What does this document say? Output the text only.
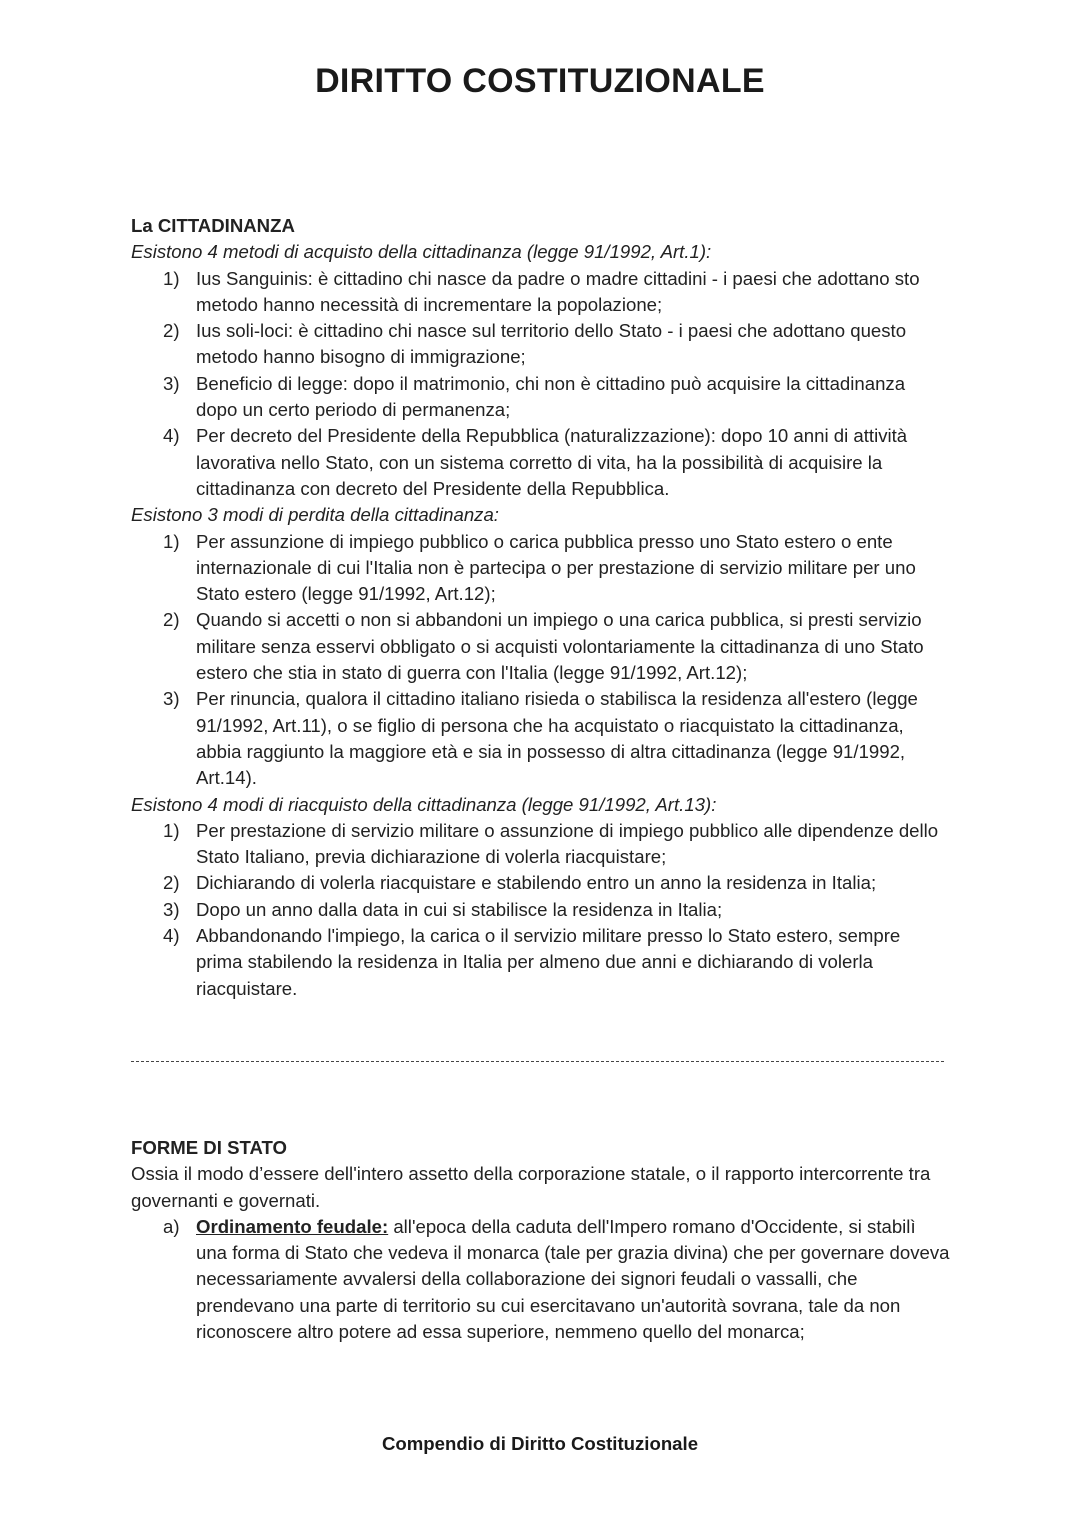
DIRITTO COSTITUZIONALE
La CITTADINANZA
Esistono 4 metodi di acquisto della cittadinanza (legge 91/1992, Art.1):
1) Ius Sanguinis: è cittadino chi nasce da padre o madre cittadini - i paesi che adottano sto metodo hanno necessità di incrementare la popolazione;
2) Ius soli-loci: è cittadino chi nasce sul territorio dello Stato - i paesi che adottano questo metodo hanno bisogno di immigrazione;
3) Beneficio di legge: dopo il matrimonio, chi non è cittadino può acquisire la cittadinanza dopo un certo periodo di permanenza;
4) Per decreto del Presidente della Repubblica (naturalizzazione): dopo 10 anni di attività lavorativa nello Stato, con un sistema corretto di vita, ha la possibilità di acquisire la cittadinanza con decreto del Presidente della Repubblica.
Esistono 3 modi di perdita della cittadinanza:
1) Per assunzione di impiego pubblico o carica pubblica presso uno Stato estero o ente internazionale di cui l'Italia non è partecipa o per prestazione di servizio militare per uno Stato estero (legge 91/1992, Art.12);
2) Quando si accetti o non si abbandoni un impiego o una carica pubblica, si presti servizio militare senza esservi obbligato o si acquisti volontariamente la cittadinanza di uno Stato estero che stia in stato di guerra con l'Italia (legge 91/1992, Art.12);
3) Per rinuncia, qualora il cittadino italiano risieda o stabilisca la residenza all'estero (legge 91/1992, Art.11), o se figlio di persona che ha acquistato o riacquistato la cittadinanza, abbia raggiunto la maggiore età e sia in possesso di altra cittadinanza (legge 91/1992, Art.14).
Esistono 4 modi di riacquisto della cittadinanza (legge 91/1992, Art.13):
1) Per prestazione di servizio militare o assunzione di impiego pubblico alle dipendenze dello Stato Italiano, previa dichiarazione di volerla riacquistare;
2) Dichiarando di volerla riacquistare e stabilendo entro un anno la residenza in Italia;
3) Dopo un anno dalla data in cui si stabilisce la residenza in Italia;
4) Abbandonando l'impiego, la carica o il servizio militare presso lo Stato estero, sempre prima stabilendo la residenza in Italia per almeno due anni e dichiarando di volerla riacquistare.
FORME DI STATO
Ossia il modo d’essere dell'intero assetto della corporazione statale, o il rapporto intercorrente tra governanti e governati.
a) Ordinamento feudale: all'epoca della caduta dell'Impero romano d'Occidente, si stabilì una forma di Stato che vedeva il monarca (tale per grazia divina) che per governare doveva necessariamente avvalersi della collaborazione dei signori feudali o vassalli, che prendevano una parte di territorio su cui esercitavano un'autorità sovrana, tale da non riconoscere altro potere ad essa superiore, nemmeno quello del monarca;
Compendio di Diritto Costituzionale
